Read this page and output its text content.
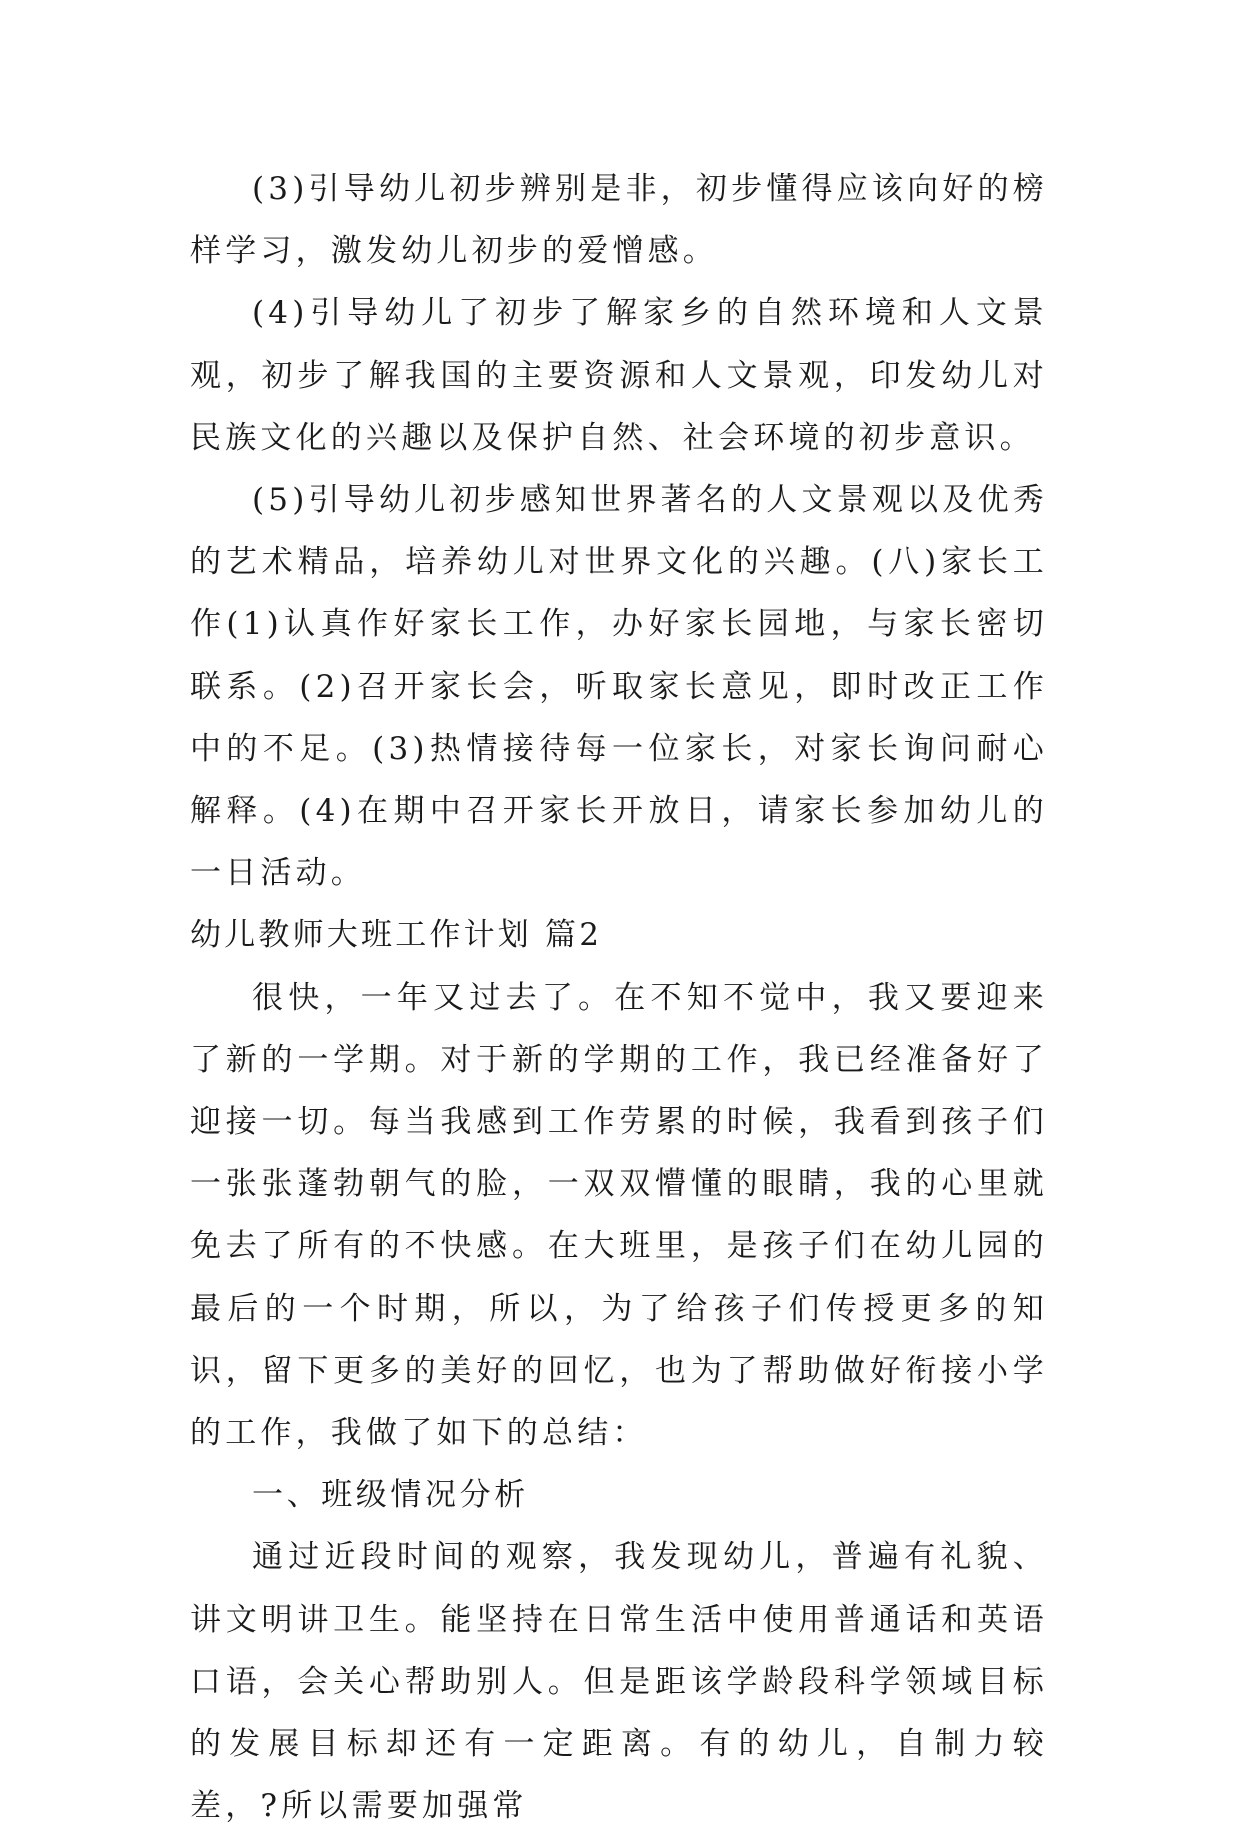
(3)引导幼儿初步辨别是非，初步懂得应该向好的榜样学习，激发幼儿初步的爱憎感。

(4)引导幼儿了初步了解家乡的自然环境和人文景观，初步了解我国的主要资源和人文景观，印发幼儿对民族文化的兴趣以及保护自然、社会环境的初步意识。

(5)引导幼儿初步感知世界著名的人文景观以及优秀的艺术精品，培养幼儿对世界文化的兴趣。(八)家长工作(1)认真作好家长工作，办好家长园地，与家长密切联系。(2)召开家长会，听取家长意见，即时改正工作中的不足。(3)热情接待每一位家长，对家长询问耐心解释。(4)在期中召开家长开放日，请家长参加幼儿的一日活动。

幼儿教师大班工作计划 篇2

很快，一年又过去了。在不知不觉中，我又要迎来了新的一学期。对于新的学期的工作，我已经准备好了迎接一切。每当我感到工作劳累的时候，我看到孩子们一张张蓬勃朝气的脸，一双双懵懂的眼睛，我的心里就免去了所有的不快感。在大班里，是孩子们在幼儿园的最后的一个时期，所以，为了给孩子们传授更多的知识，留下更多的美好的回忆，也为了帮助做好衔接小学的工作，我做了如下的总结：

一、班级情况分析

通过近段时间的观察，我发现幼儿，普遍有礼貌、讲文明讲卫生。能坚持在日常生活中使用普通话和英语口语，会关心帮助别人。但是距该学龄段科学领域目标的发展目标却还有一定距离。有的幼儿，自制力较差，?所以需要加强常
